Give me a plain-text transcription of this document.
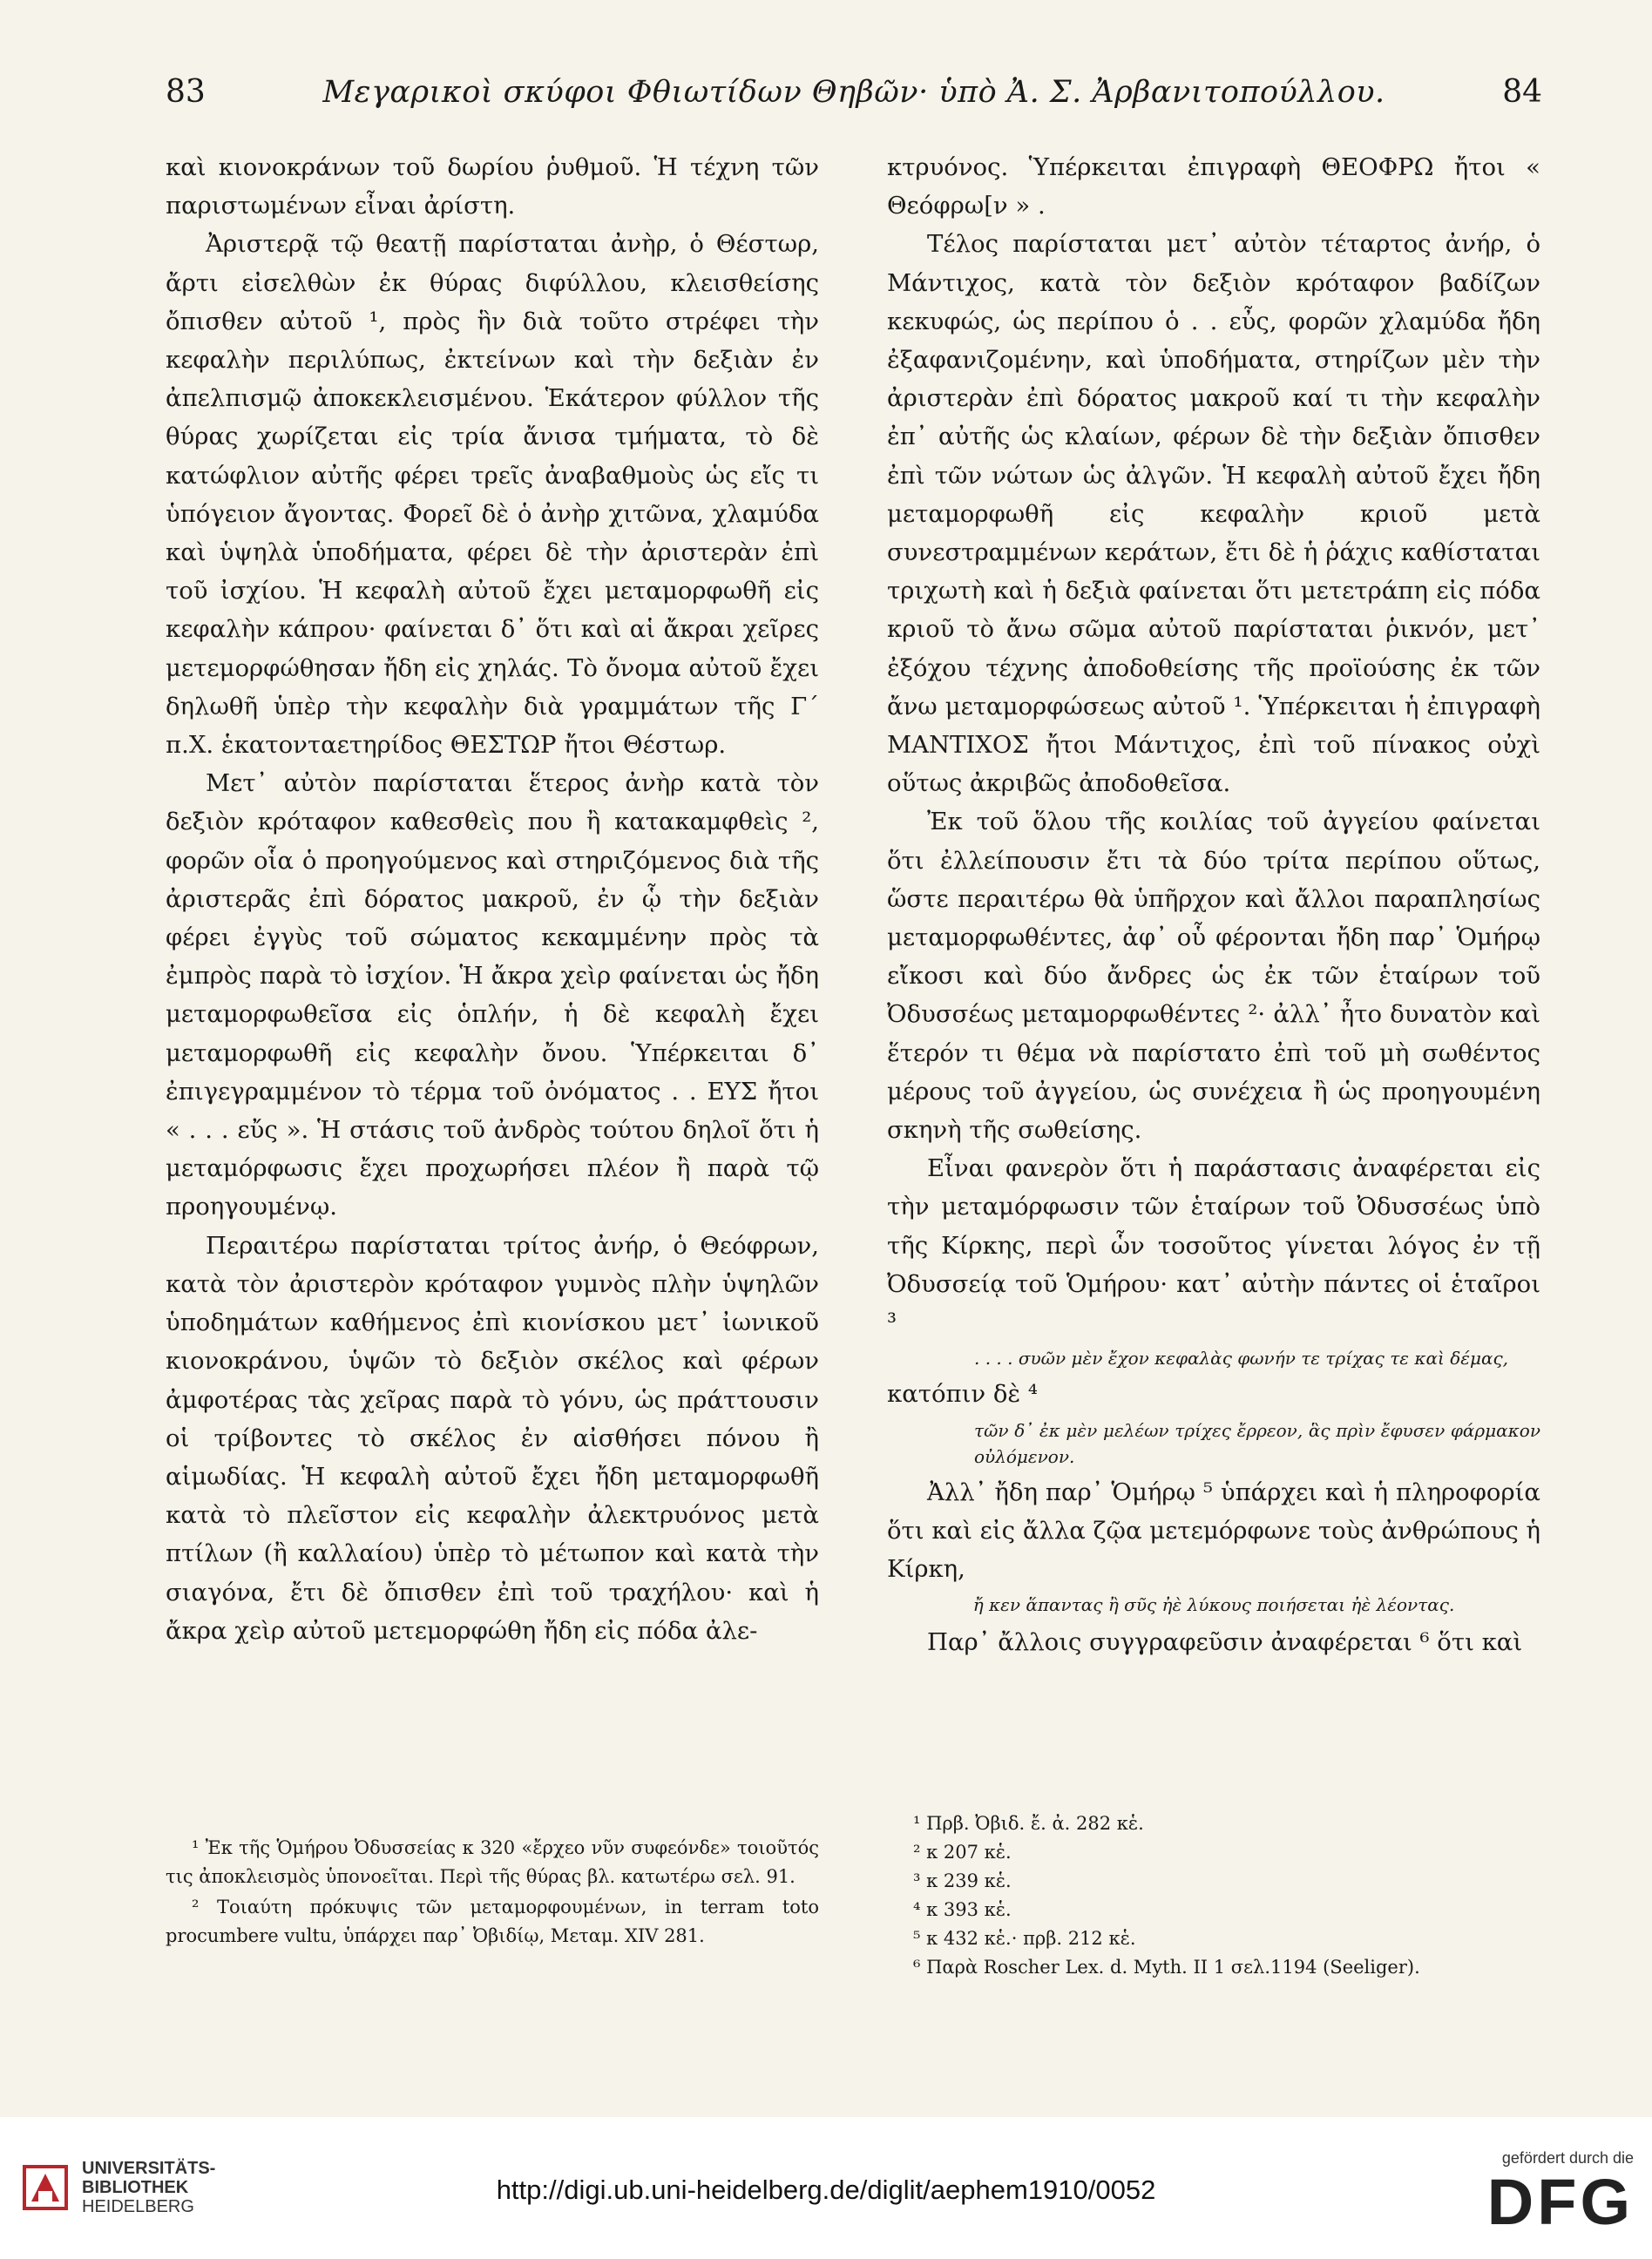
83	Μεγαρικοὶ σκύφοι Φθιωτίδων Θηβῶν· ὑπὸ Ἀ. Σ. Ἀρβανιτοπούλλου.	84

καὶ κιονοκράνων τοῦ δωρίου ῥυθμοῦ. Ἡ τέχνη τῶν παριστωμένων εἶναι ἀρίστη.

Ἀριστερᾷ τῷ θεατῇ παρίσταται ἀνὴρ, ὁ Θέστωρ, ἄρτι εἰσελθὼν ἐκ θύρας διφύλλου, κλεισθείσης ὄπισθεν αὐτοῦ ¹, πρὸς ἣν διὰ τοῦτο στρέφει τὴν κεφαλὴν περιλύπως, ἐκτείνων καὶ τὴν δεξιὰν ἐν ἀπελπισμῷ ἀποκεκλεισμένου. Ἑκάτερον φύλλον τῆς θύρας χωρίζεται εἰς τρία ἄνισα τμήματα, τὸ δὲ κατώφλιον αὐτῆς φέρει τρεῖς ἀναβαθμοὺς ὡς εἴς τι ὑπόγειον ἄγοντας. Φορεῖ δὲ ὁ ἀνὴρ χιτῶνα, χλαμύδα καὶ ὑψηλὰ ὑποδήματα, φέρει δὲ τὴν ἀριστερὰν ἐπὶ τοῦ ἰσχίου. Ἡ κεφαλὴ αὐτοῦ ἔχει μεταμορφωθῆ εἰς κεφαλὴν κάπρου· φαίνεται δ᾽ ὅτι καὶ αἱ ἄκραι χεῖρες μετεμορφώθησαν ἤδη εἰς χηλάς. Τὸ ὄνομα αὐτοῦ ἔχει δηλωθῆ ὑπὲρ τὴν κεφαλὴν διὰ γραμμάτων τῆς Γ΄ π.Χ. ἑκατονταετηρίδος ΘΕΣΤΩΡ ἤτοι Θέστωρ.

Μετ᾽ αὐτὸν παρίσταται ἕτερος ἀνὴρ κατὰ τὸν δεξιὸν κρόταφον καθεσθεὶς που ἢ κατακαμφθεὶς ², φορῶν οἷα ὁ προηγούμενος καὶ στηριζόμενος διὰ τῆς ἀριστερᾶς ἐπὶ δόρατος μακροῦ, ἐν ᾧ τὴν δεξιὰν φέρει ἐγγὺς τοῦ σώματος κεκαμμένην πρὸς τὰ ἐμπρὸς παρὰ τὸ ἰσχίον. Ἡ ἄκρα χεὶρ φαίνεται ὡς ἤδη μεταμορφωθεῖσα εἰς ὁπλήν, ἡ δὲ κεφαλὴ ἔχει μεταμορφωθῆ εἰς κεφαλὴν ὄνου. Ὑπέρκειται δ᾽ ἐπιγεγραμμένον τὸ τέρμα τοῦ ὀνόματος . . ΕΥΣ ἤτοι « . . . εὔς ». Ἡ στάσις τοῦ ἀνδρὸς τούτου δηλοῖ ὅτι ἡ μεταμόρφωσις ἔχει προχωρήσει πλέον ἢ παρὰ τῷ προηγουμένῳ.

Περαιτέρω παρίσταται τρίτος ἀνήρ, ὁ Θεόφρων, κατὰ τὸν ἀριστερὸν κρόταφον γυμνὸς πλὴν ὑψηλῶν ὑποδημάτων καθήμενος ἐπὶ κιονίσκου μετ᾽ ἰωνικοῦ κιονοκράνου, ὑψῶν τὸ δεξιὸν σκέλος καὶ φέρων ἀμφοτέρας τὰς χεῖρας παρὰ τὸ γόνυ, ὡς πράττουσιν οἱ τρίβοντες τὸ σκέλος ἐν αἰσθήσει πόνου ἢ αἱμωδίας. Ἡ κεφαλὴ αὐτοῦ ἔχει ἤδη μεταμορφωθῆ κατὰ τὸ πλεῖστον εἰς κεφαλὴν ἀλεκτρυόνος μετὰ πτίλων (ἢ καλλαίου) ὑπὲρ τὸ μέτωπον καὶ κατὰ τὴν σιαγόνα, ἔτι δὲ ὄπισθεν ἐπὶ τοῦ τραχήλου· καὶ ἡ ἄκρα χεὶρ αὐτοῦ μετεμορφώθη ἤδη εἰς πόδα ἀλε-

¹ Ἐκ τῆς Ὁμήρου Ὀδυσσείας κ 320 «ἔρχεο νῦν συφεόνδε» τοιοῦτός τις ἀποκλεισμὸς ὑπονοεῖται. Περὶ τῆς θύρας βλ. κατωτέρω σελ. 91.
² Τοιαύτη πρόκυψις τῶν μεταμορφουμένων, in terram toto procumbere vultu, ὑπάρχει παρ᾽ Ὀβιδίῳ, Μεταμ. XIV 281.

κτρυόνος. Ὑπέρκειται ἐπιγραφὴ ΘΕΟΦΡΩ ἤτοι « Θεόφρω[ν » .

Τέλος παρίσταται μετ᾽ αὐτὸν τέταρτος ἀνήρ, ὁ Μάντιχος, κατὰ τὸν δεξιὸν κρόταφον βαδίζων κεκυφώς, ὡς περίπου ὁ . . εὖς, φορῶν χλαμύδα ἤδη ἐξαφανιζομένην, καὶ ὑποδήματα, στηρίζων μὲν τὴν ἀριστερὰν ἐπὶ δόρατος μακροῦ καί τι τὴν κεφαλὴν ἐπ᾽ αὐτῆς ὡς κλαίων, φέρων δὲ τὴν δεξιὰν ὄπισθεν ἐπὶ τῶν νώτων ὡς ἀλγῶν. Ἡ κεφαλὴ αὐτοῦ ἔχει ἤδη μεταμορφωθῆ εἰς κεφαλὴν κριοῦ μετὰ συνεστραμμένων κεράτων, ἔτι δὲ ἡ ῥάχις καθίσταται τριχωτὴ καὶ ἡ δεξιὰ φαίνεται ὅτι μετετράπη εἰς πόδα κριοῦ τὸ ἄνω σῶμα αὐτοῦ παρίσταται ῥικνόν, μετ᾽ ἐξόχου τέχνης ἀποδοθείσης τῆς προϊούσης ἐκ τῶν ἄνω μεταμορφώσεως αὐτοῦ ¹. Ὑπέρκειται ἡ ἐπιγραφὴ ΜΑΝΤΙΧΟΣ ἤτοι Μάντιχος, ἐπὶ τοῦ πίνακος οὐχὶ οὕτως ἀκριβῶς ἀποδοθεῖσα.

Ἐκ τοῦ ὅλου τῆς κοιλίας τοῦ ἀγγείου φαίνεται ὅτι ἐλλείπουσιν ἔτι τὰ δύο τρίτα περίπου οὕτως, ὥστε περαιτέρω θὰ ὑπῆρχον καὶ ἄλλοι παραπλησίως μεταμορφωθέντες, ἀφ᾽ οὗ φέρονται ἤδη παρ᾽ Ὁμήρῳ εἴκοσι καὶ δύο ἄνδρες ὡς ἐκ τῶν ἑταίρων τοῦ Ὀδυσσέως μεταμορφωθέντες ²· ἀλλ᾽ ἦτο δυνατὸν καὶ ἕτερόν τι θέμα νὰ παρίστατο ἐπὶ τοῦ μὴ σωθέντος μέρους τοῦ ἀγγείου, ὡς συνέχεια ἢ ὡς προηγουμένη σκηνὴ τῆς σωθείσης.

Εἶναι φανερὸν ὅτι ἡ παράστασις ἀναφέρεται εἰς τὴν μεταμόρφωσιν τῶν ἑταίρων τοῦ Ὀδυσσέως ὑπὸ τῆς Κίρκης, περὶ ὧν τοσοῦτος γίνεται λόγος ἐν τῇ Ὀδυσσείᾳ τοῦ Ὁμήρου· κατ᾽ αὐτὴν πάντες οἱ ἑταῖροι ³

. . . . συῶν μὲν ἔχον κεφαλὰς φωνήν τε τρίχας τε καὶ δέμας,

κατόπιν δὲ ⁴

τῶν δ᾽ ἐκ μὲν μελέων τρίχες ἔρρεον, ἃς πρὶν ἔφυσεν φάρμακον οὐλόμενον.

Ἀλλ᾽ ἤδη παρ᾽ Ὁμήρῳ ⁵ ὑπάρχει καὶ ἡ πληροφορία ὅτι καὶ εἰς ἄλλα ζῷα μετεμόρφωνε τοὺς ἀνθρώπους ἡ Κίρκη,

ἤ κεν ἅπαντας ἢ σῦς ἠὲ λύκους ποιήσεται ἠὲ λέοντας.

Παρ᾽ ἄλλοις συγγραφεῦσιν ἀναφέρεται ⁶ ὅτι καὶ

¹ Πρβ. Ὀβιδ. ἔ. ἀ. 282 κἑ.
² κ 207 κἑ.
³ κ 239 κἑ.
⁴ κ 393 κἑ.
⁵ κ 432 κἑ.· πρβ. 212 κἑ.
⁶ Παρὰ Roscher Lex. d. Myth. II 1 σελ.1194 (Seeliger).
UNIVERSITÄTS-
BIBLIOTHEK
HEIDELBERG
http://digi.ub.uni-heidelberg.de/diglit/aephem1910/0052
gefördert durch die
DFG
